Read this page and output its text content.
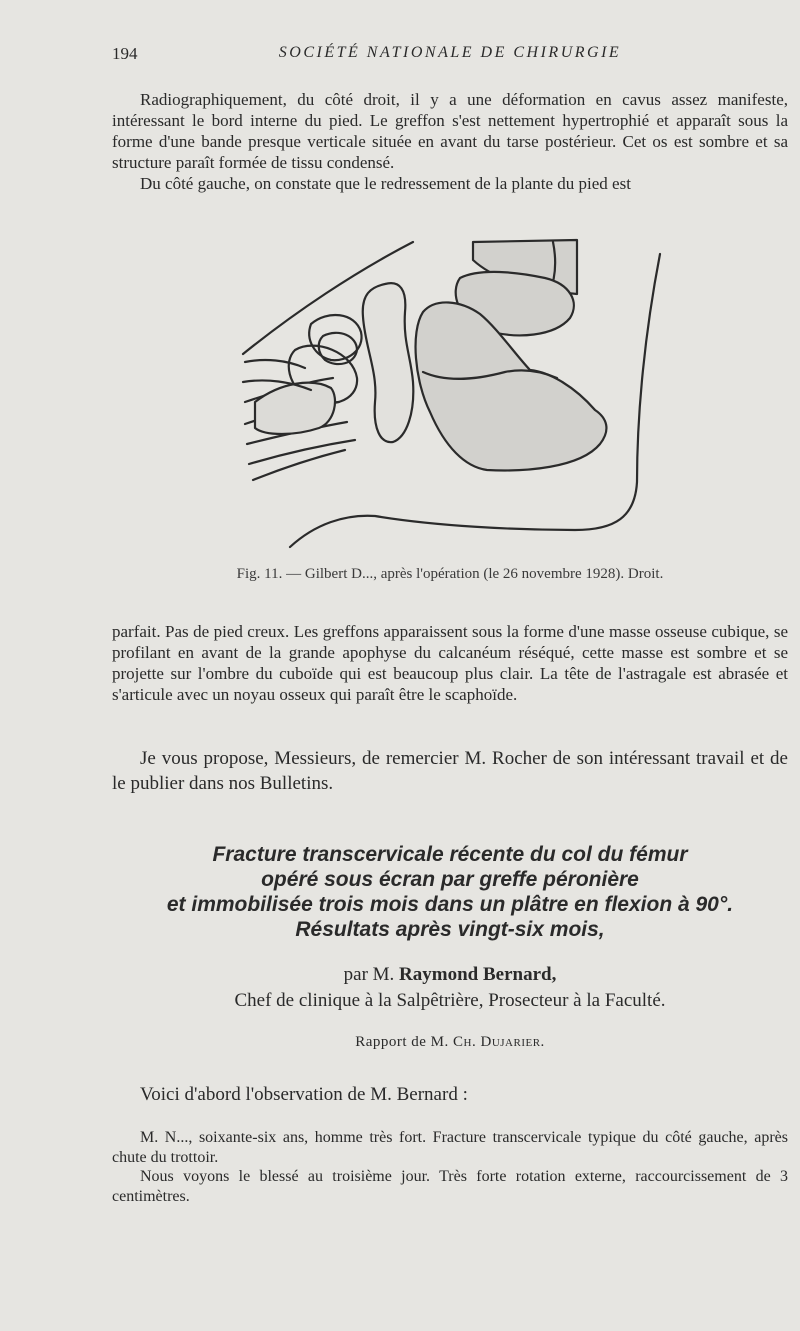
194	SOCIÉTÉ NATIONALE DE CHIRURGIE

Radiographiquement, du côté droit, il y a une déformation en cavus assez manifeste, intéressant le bord interne du pied. Le greffon s'est nettement hypertrophié et apparaît sous la forme d'une bande presque verticale située en avant du tarse postérieur. Cet os est sombre et sa structure paraît formée de tissu condensé.

Du côté gauche, on constate que le redressement de la plante du pied est

Fig. 11. — Gilbert D..., après l'opération (le 26 novembre 1928). Droit.

parfait. Pas de pied creux. Les greffons apparaissent sous la forme d'une masse osseuse cubique, se profilant en avant de la grande apophyse du calcanéum réséqué, cette masse est sombre et se projette sur l'ombre du cuboïde qui est beaucoup plus clair. La tête de l'astragale est abrasée et s'articule avec un noyau osseux qui paraît être le scaphoïde.

Je vous propose, Messieurs, de remercier M. Rocher de son intéressant travail et de le publier dans nos Bulletins.

Fracture transcervicale récente du col du fémur
opéré sous écran par greffe péronière
et immobilisée trois mois dans un plâtre en flexion à 90°.
Résultats après vingt-six mois,
par M. Raymond Bernard,
Chef de clinique à la Salpêtrière, Prosecteur à la Faculté.
Rapport de M. Ch. Dujarier.

Voici d'abord l'observation de M. Bernard :

M. N..., soixante-six ans, homme très fort. Fracture transcervicale typique du côté gauche, après chute du trottoir.

Nous voyons le blessé au troisième jour. Très forte rotation externe, raccourcissement de 3 centimètres.
